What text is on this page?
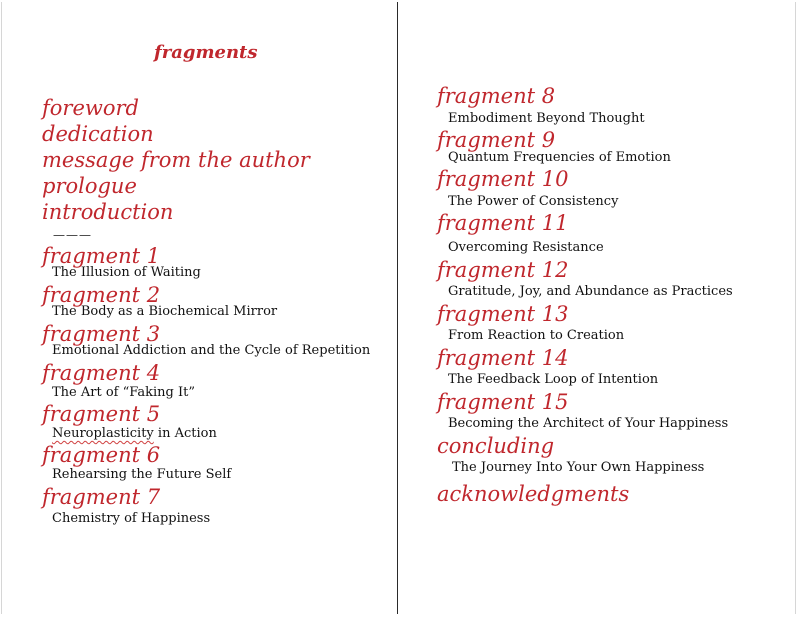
fragments
foreword
dedication
message from the author
prologue
introduction
———
fragment 1
The Illusion of Waiting
fragment 2
The Body as a Biochemical Mirror
fragment 3
Emotional Addiction and the Cycle of Repetition
fragment 4
The Art of “Faking It”
fragment 5
Neuroplasticity in Action
fragment 6
Rehearsing the Future Self
fragment 7
Chemistry of Happiness
fragment 8
Embodiment Beyond Thought
fragment 9
Quantum Frequencies of Emotion
fragment 10
The Power of Consistency
fragment 11
Overcoming Resistance
fragment 12
Gratitude, Joy, and Abundance as Practices
fragment 13
From Reaction to Creation
fragment 14
The Feedback Loop of Intention
fragment 15
Becoming the Architect of Your Happiness
concluding
The Journey Into Your Own Happiness
acknowledgments
